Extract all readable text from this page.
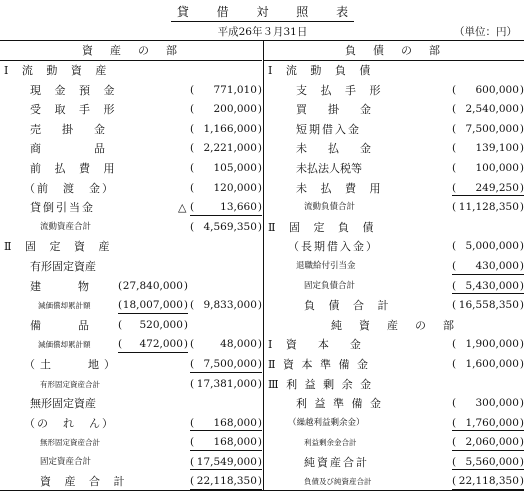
貸 借 対 照 表
平成26年３月31日	（単位：円）
資　産　の　部
Ⅰ 流 動 資 産
現 金 預 金	( 771,010)
受 取 手 形	( 200,000)
売　掛　金	( 1,166,000)
商　　　品	( 2,221,000)
前 払 費 用	( 105,000)
（前　渡　金）	( 120,000)
貸倒引当金	△ ( 13,660)
流動資産合計	( 4,569,350)
Ⅱ 固 定 資 産
有形固定資産
建　　物 ( 27,840,000)
減価償却累計額	( 18,007,000) ( 9,833,000)
備　　品 ( 520,000)
減価償却累計額	( 472,000) ( 48,000)
（土　　地）	( 7,500,000)
有形固定資産合計	( 17,381,000)
無形固定資産
（の　れ　ん）	( 168,000)
無形固定資産合計	( 168,000)
固定資産合計	( 17,549,000)
資 産 合 計	( 22,118,350)
負　債　の　部
Ⅰ 流 動 負 債
支 払 手 形	( 600,000)
買　掛　金	( 2,540,000)
短期借入金	( 7,500,000)
未　払　金	( 139,100)
未払法人税等	( 100,000)
未 払 費 用	( 249,250)
流動負債合計	( 11,128,350)
Ⅱ 固 定 負 債
（長期借入金）	( 5,000,000)
退職給付引当金	( 430,000)
固定負債合計	( 5,430,000)
負 債 合 計	( 16,558,350)
純　資　産　の　部
Ⅰ 資　本　金	( 1,900,000)
Ⅱ 資 本 準 備 金	( 1,600,000)
Ⅲ 利 益 剰 余 金
利 益 準 備 金	( 300,000)
（繰越利益剰余金）	( 1,760,000)
利益剰余金合計	( 2,060,000)
純資産合計	( 5,560,000)
負債及び純資産合計	( 22,118,350)
